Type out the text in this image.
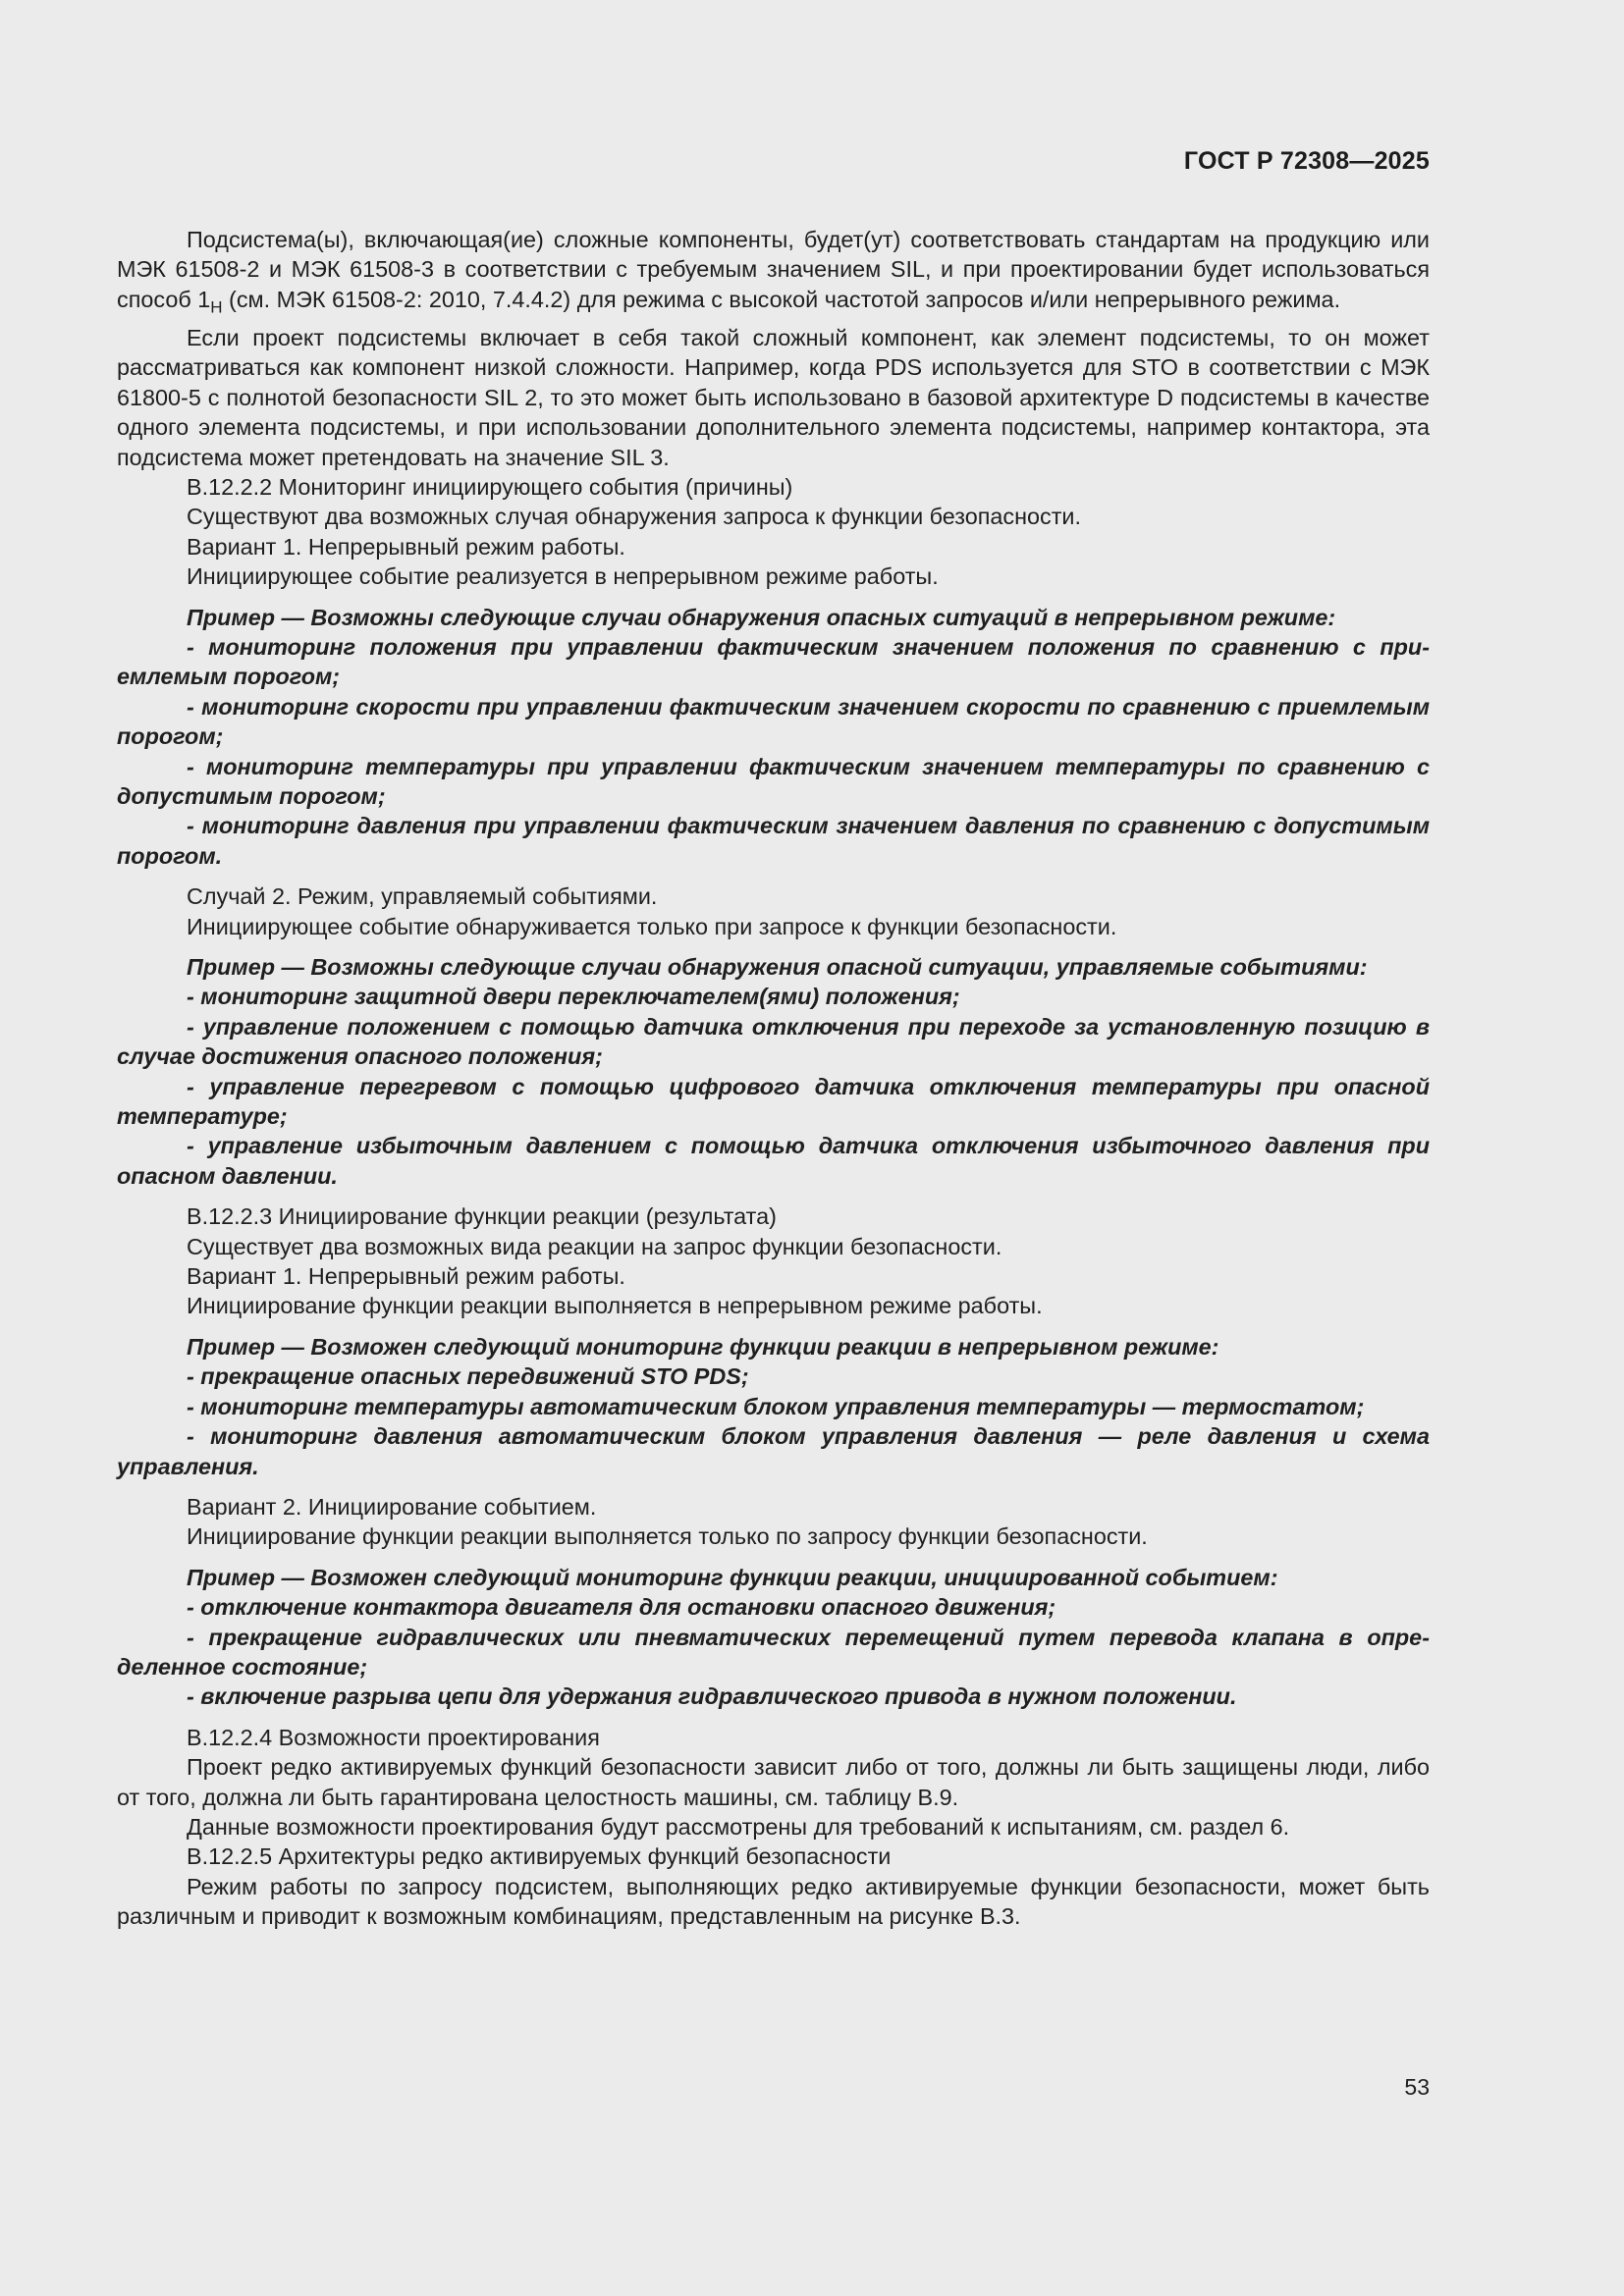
ГОСТ Р 72308—2025

Подсистема(ы), включающая(ие) сложные компоненты, будет(ут) соответствовать стандартам на продукцию или МЭК 61508-2 и МЭК 61508-3 в соответствии с требуемым значением SIL, и при проектировании будет использоваться способ $1_H$ (см. МЭК 61508-2: 2010, 7.4.4.2) для режима с высокой частотой запросов и/или непрерывного режима.

Если проект подсистемы включает в себя такой сложный компонент, как элемент подсистемы, то он может рассматриваться как компонент низкой сложности. Например, когда PDS используется для STO в соответствии с МЭК 61800-5 с полнотой безопасности SIL 2, то это может быть использовано в базовой архитектуре D подсистемы в качестве одного элемента подсистемы, и при использовании дополнительного элемента подсистемы, например контактора, эта подсистема может претендовать на значение SIL 3.

B.12.2.2 Мониторинг инициирующего события (причины)

Существуют два возможных случая обнаружения запроса к функции безопасности.

Вариант 1. Непрерывный режим работы.

Инициирующее событие реализуется в непрерывном режиме работы.

Пример — Возможны следующие случаи обнаружения опасных ситуаций в непрерывном режиме:

- мониторинг положения при управлении фактическим значением положения по сравнению с приемлемым порогом;

- мониторинг скорости при управлении фактическим значением скорости по сравнению с приемлемым порогом;

- мониторинг температуры при управлении фактическим значением температуры по сравнению с допустимым порогом;

- мониторинг давления при управлении фактическим значением давления по сравнению с допустимым порогом.

Случай 2. Режим, управляемый событиями.

Инициирующее событие обнаруживается только при запросе к функции безопасности.

Пример — Возможны следующие случаи обнаружения опасной ситуации, управляемые событиями:

- мониторинг защитной двери переключателем(ями) положения;

- управление положением с помощью датчика отключения при переходе за установленную позицию в случае достижения опасного положения;

- управление перегревом с помощью цифрового датчика отключения температуры при опасной температуре;

- управление избыточным давлением с помощью датчика отключения избыточного давления при опасном давлении.

B.12.2.3 Инициирование функции реакции (результата)

Существует два возможных вида реакции на запрос функции безопасности.

Вариант 1. Непрерывный режим работы.

Инициирование функции реакции выполняется в непрерывном режиме работы.

Пример — Возможен следующий мониторинг функции реакции в непрерывном режиме:

- прекращение опасных передвижений STO PDS;

- мониторинг температуры автоматическим блоком управления температуры — термостатом;

- мониторинг давления автоматическим блоком управления давления — реле давления и схема управления.

Вариант 2. Инициирование событием.

Инициирование функции реакции выполняется только по запросу функции безопасности.

Пример — Возможен следующий мониторинг функции реакции, инициированной событием:

- отключение контактора двигателя для остановки опасного движения;

- прекращение гидравлических или пневматических перемещений путем перевода клапана в определенное состояние;

- включение разрыва цепи для удержания гидравлического привода в нужном положении.

B.12.2.4 Возможности проектирования

Проект редко активируемых функций безопасности зависит либо от того, должны ли быть защищены люди, либо от того, должна ли быть гарантирована целостность машины, см. таблицу В.9.

Данные возможности проектирования будут рассмотрены для требований к испытаниям, см. раздел 6.

B.12.2.5 Архитектуры редко активируемых функций безопасности

Режим работы по запросу подсистем, выполняющих редко активируемые функции безопасности, может быть различным и приводит к возможным комбинациям, представленным на рисунке В.3.

53
